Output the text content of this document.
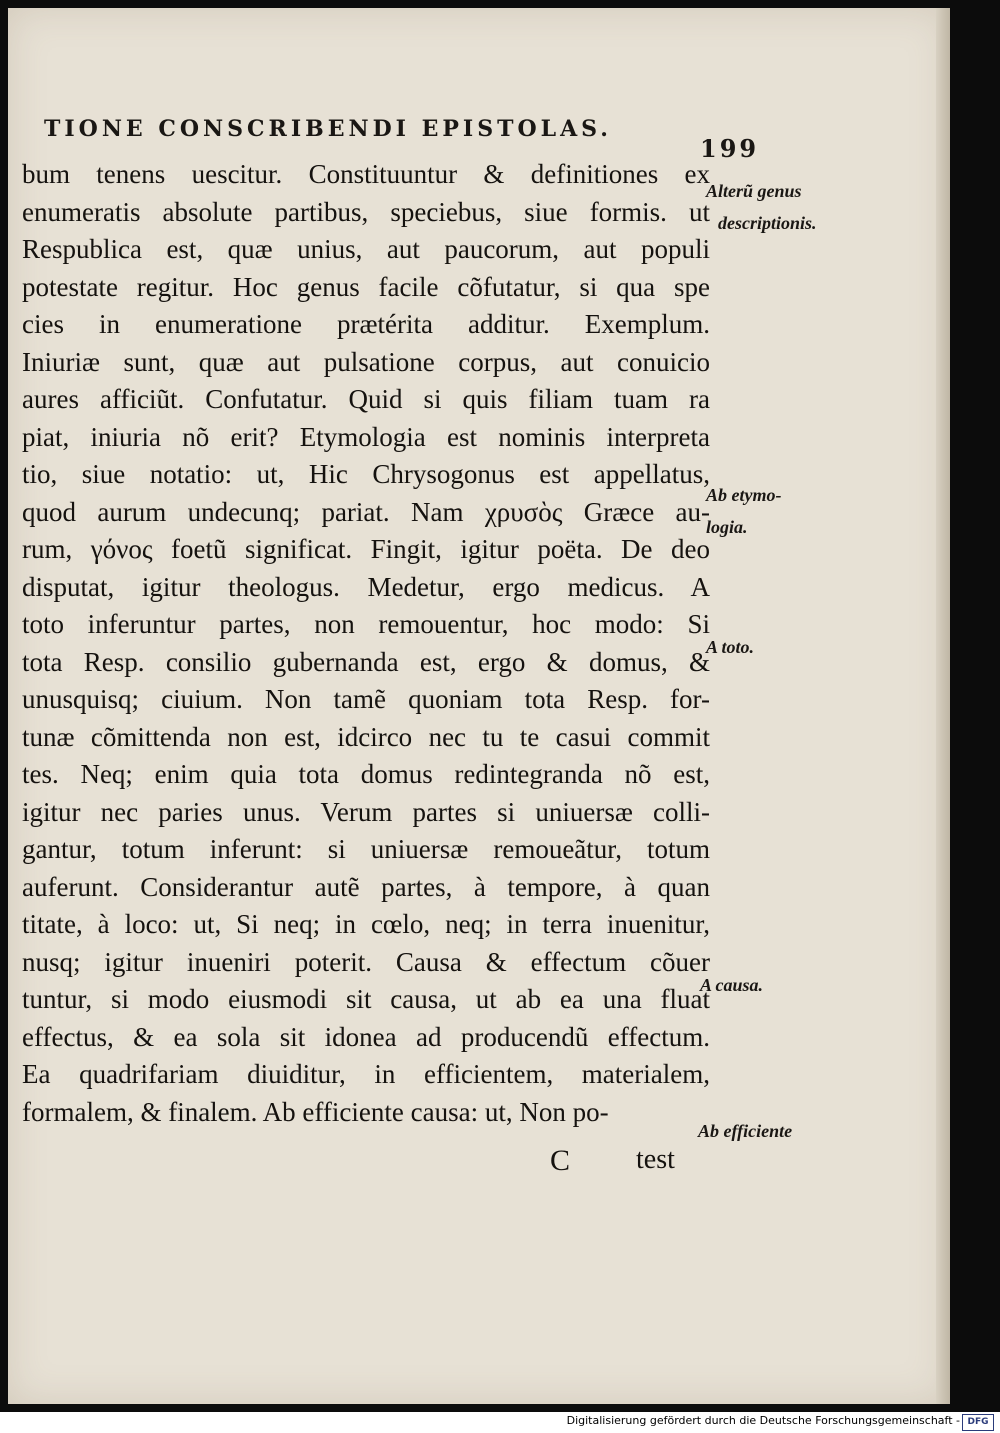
TIONE CONSCRIBENDI EPISTOLAS.
199
bum tenens uescitur. Constituuntur & definitiones ex
enumeratis absolute partibus, speciebus, siue formis. ut
Respublica est, quæ unius, aut paucorum, aut populi
potestate regitur. Hoc genus facile cõfutatur, si qua spe
cies in enumeratione prætérita additur. Exemplum.
Iniuriæ sunt, quæ aut pulsatione corpus, aut conuicio
aures afficiũt. Confutatur. Quid si quis filiam tuam ra
piat, iniuria nõ erit? Etymologia est nominis interpreta
tio, siue notatio: ut, Hic Chrysogonus est appellatus,
quod aurum undecunq; pariat. Nam χρυσὸς Græce au-
rum, γόνος foetũ significat. Fingit, igitur poëta. De deo
disputat, igitur theologus. Medetur, ergo medicus. A
toto inferuntur partes, non remouentur, hoc modo: Si
tota Resp. consilio gubernanda est, ergo & domus, &
unusquisq; ciuium. Non tamẽ quoniam tota Resp. for-
tunæ cõmittenda non est, idcirco nec tu te casui commit
tes. Neq; enim quia tota domus redintegranda nõ est,
igitur nec paries unus. Verum partes si uniuersæ colli-
gantur, totum inferunt: si uniuersæ remoueãtur, totum
auferunt. Considerantur autẽ partes, à tempore, à quan
titate, à loco: ut, Si neq; in cœlo, neq; in terra inuenitur,
nusq; igitur inueniri poterit. Causa & effectum cõuer
tuntur, si modo eiusmodi sit causa, ut ab ea una fluat
effectus, & ea sola sit idonea ad producendũ effectum.
Ea quadrifariam diuiditur, in efficientem, materialem,
formalem, & finalem. Ab efficiente causa: ut, Non po-
Alterũ genus
descriptionis.
Ab etymo-
logia.
A toto.
A causa.
Ab efficiente
C test
Digitalisierung gefördert durch die Deutsche Forschungsgemeinschaft - DFG
